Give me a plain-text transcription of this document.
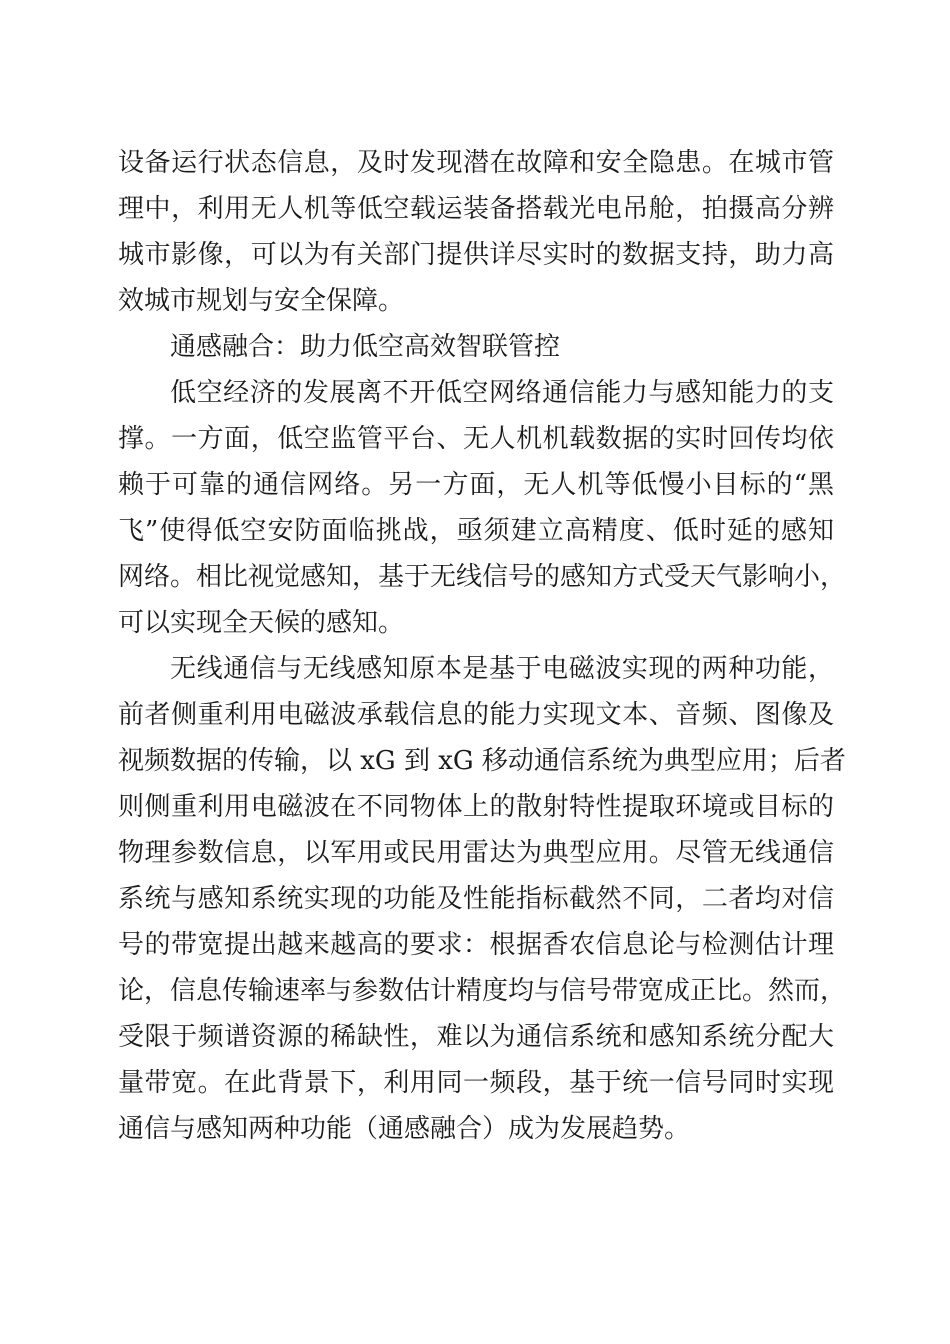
设备运行状态信息，及时发现潜在故障和安全隐患。在城市管
理中，利用无人机等低空载运装备搭载光电吊舱，拍摄高分辨
城市影像，可以为有关部门提供详尽实时的数据支持，助力高
效城市规划与安全保障。
通感融合：助力低空高效智联管控
低空经济的发展离不开低空网络通信能力与感知能力的支
撑。一方面，低空监管平台、无人机机载数据的实时回传均依
赖于可靠的通信网络。另一方面，无人机等低慢小目标的“黑
飞”使得低空安防面临挑战，亟须建立高精度、低时延的感知
网络。相比视觉感知，基于无线信号的感知方式受天气影响小，
可以实现全天候的感知。
无线通信与无线感知原本是基于电磁波实现的两种功能，
前者侧重利用电磁波承载信息的能力实现文本、音频、图像及
视频数据的传输，以 xG 到 xG 移动通信系统为典型应用；后者
则侧重利用电磁波在不同物体上的散射特性提取环境或目标的
物理参数信息，以军用或民用雷达为典型应用。尽管无线通信
系统与感知系统实现的功能及性能指标截然不同，二者均对信
号的带宽提出越来越高的要求：根据香农信息论与检测估计理
论，信息传输速率与参数估计精度均与信号带宽成正比。然而，
受限于频谱资源的稀缺性，难以为通信系统和感知系统分配大
量带宽。在此背景下，利用同一频段，基于统一信号同时实现
通信与感知两种功能（通感融合）成为发展趋势。
